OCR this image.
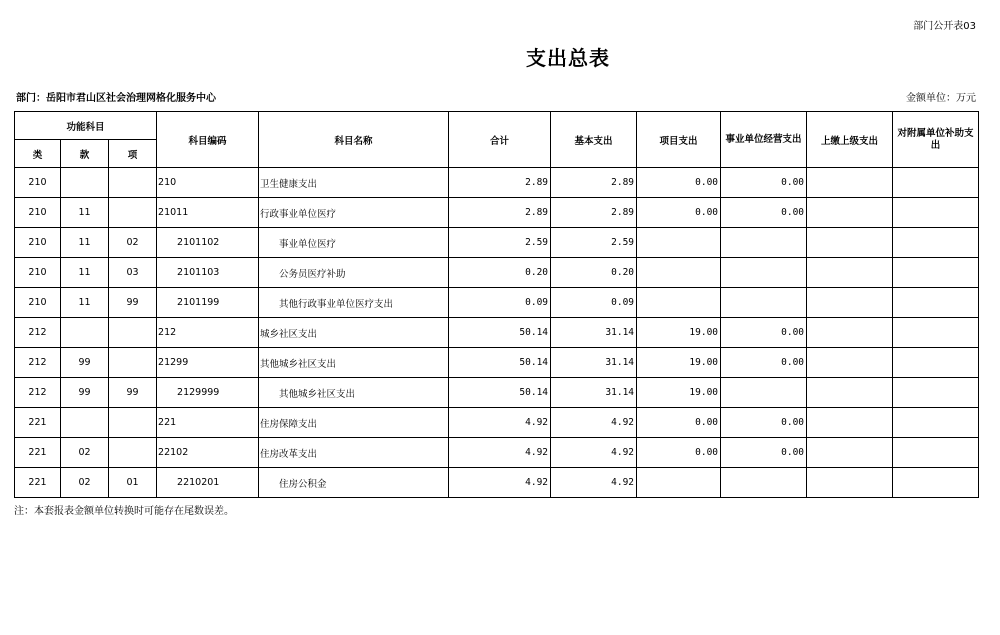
部门公开表03
支出总表
部门：岳阳市君山区社会治理网格化服务中心	金额单位：万元
功能科目			科目编码	科目名称	合计	基本支出	项目支出	事业单位经营支出	上缴上级支出	对附属单位补助支出
类	款	项								
210			210	卫生健康支出	2.89	2.89	0.00	0.00		
210	11		21011	行政事业单位医疗	2.89	2.89	0.00	0.00		
210	11	02	2101102	事业单位医疗	2.59	2.59				
210	11	03	2101103	公务员医疗补助	0.20	0.20				
210	11	99	2101199	其他行政事业单位医疗支出	0.09	0.09				
212			212	城乡社区支出	50.14	31.14	19.00	0.00		
212	99		21299	其他城乡社区支出	50.14	31.14	19.00	0.00		
212	99	99	2129999	其他城乡社区支出	50.14	31.14	19.00			
221			221	住房保障支出	4.92	4.92	0.00	0.00		
221	02		22102	住房改革支出	4.92	4.92	0.00	0.00		
221	02	01	2210201	住房公积金	4.92	4.92				
注：本套报表金额单位转换时可能存在尾数误差。
